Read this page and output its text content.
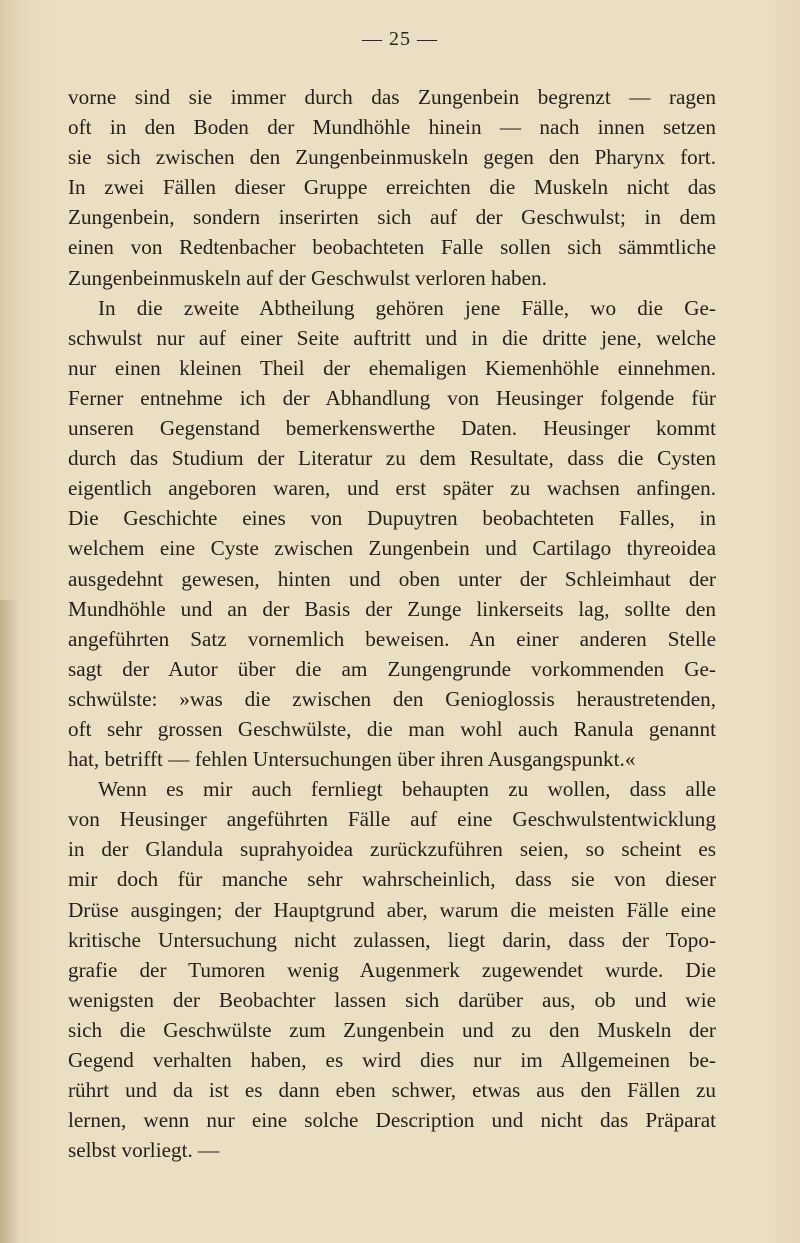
— 25 —
vorne sind sie immer durch das Zungenbein begrenzt — ragen
oft in den Boden der Mundhöhle hinein — nach innen setzen
sie sich zwischen den Zungenbeinmuskeln gegen den Pharynx fort.
In zwei Fällen dieser Gruppe erreichten die Muskeln nicht das
Zungenbein, sondern inserirten sich auf der Geschwulst; in dem
einen von Redtenbacher beobachteten Falle sollen sich sämmtliche
Zungenbeinmuskeln auf der Geschwulst verloren haben.
In die zweite Abtheilung gehören jene Fälle, wo die Ge-
schwulst nur auf einer Seite auftritt und in die dritte jene, welche
nur einen kleinen Theil der ehemaligen Kiemenhöhle einnehmen.
Ferner entnehme ich der Abhandlung von Heusinger folgende für
unseren Gegenstand bemerkenswerthe Daten. Heusinger kommt
durch das Studium der Literatur zu dem Resultate, dass die Cysten
eigentlich angeboren waren, und erst später zu wachsen anfingen.
Die Geschichte eines von Dupuytren beobachteten Falles, in
welchem eine Cyste zwischen Zungenbein und Cartilago thyreoidea
ausgedehnt gewesen, hinten und oben unter der Schleimhaut der
Mundhöhle und an der Basis der Zunge linkerseits lag, sollte den
angeführten Satz vornemlich beweisen. An einer anderen Stelle
sagt der Autor über die am Zungengrunde vorkommenden Ge-
schwülste: »was die zwischen den Genioglossis heraustretenden,
oft sehr grossen Geschwülste, die man wohl auch Ranula genannt
hat, betrifft — fehlen Untersuchungen über ihren Ausgangspunkt.«
Wenn es mir auch fernliegt behaupten zu wollen, dass alle
von Heusinger angeführten Fälle auf eine Geschwulstentwicklung
in der Glandula suprahyoidea zurückzuführen seien, so scheint es
mir doch für manche sehr wahrscheinlich, dass sie von dieser
Drüse ausgingen; der Hauptgrund aber, warum die meisten Fälle eine
kritische Untersuchung nicht zulassen, liegt darin, dass der Topo-
grafie der Tumoren wenig Augenmerk zugewendet wurde. Die
wenigsten der Beobachter lassen sich darüber aus, ob und wie
sich die Geschwülste zum Zungenbein und zu den Muskeln der
Gegend verhalten haben, es wird dies nur im Allgemeinen be-
rührt und da ist es dann eben schwer, etwas aus den Fällen zu
lernen, wenn nur eine solche Description und nicht das Präparat
selbst vorliegt. —
